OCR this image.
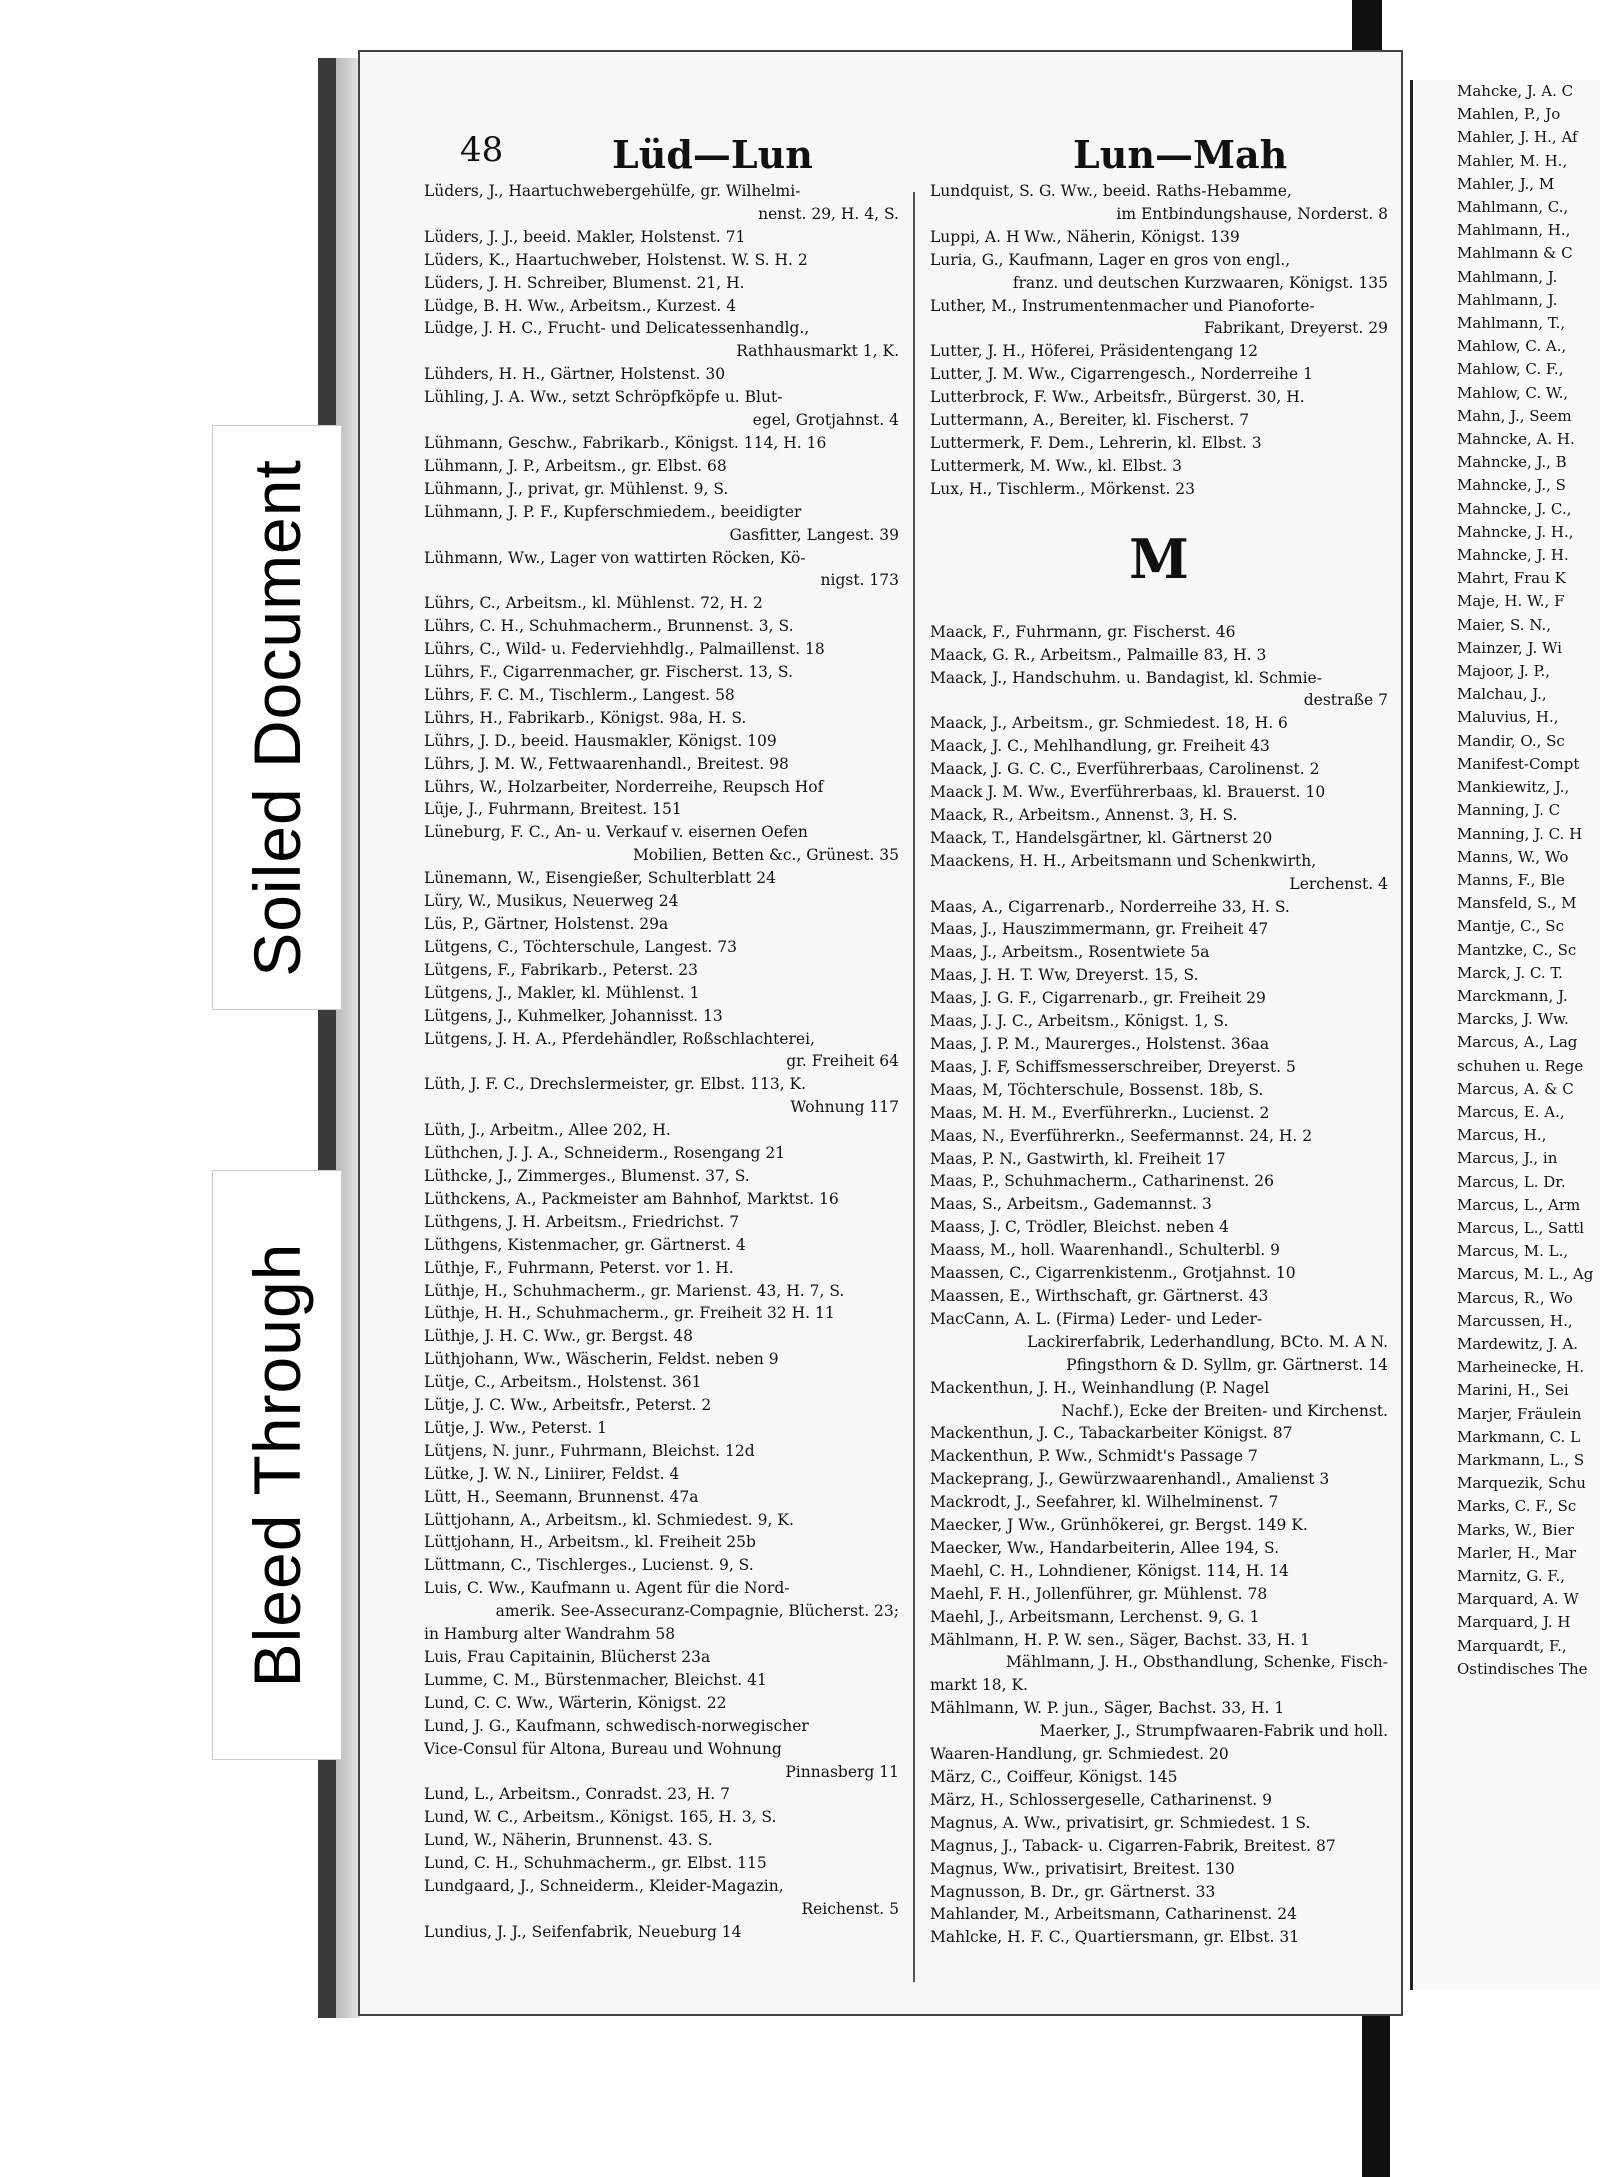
Soiled Document
Bleed Through
48	Lüd—Lun	Lun—Mah
Lüders, J., Haartuchwebergehülfe, gr. Wilhelmi-
nenst. 29, H. 4, S.
Lüders, J. J., beeid. Makler, Holstenst. 71
Lüders, K., Haartuchweber, Holstenst. W. S. H. 2
Lüders, J. H. Schreiber, Blumenst. 21, H.
Lüdge, B. H. Ww., Arbeitsm., Kurzest. 4
Lüdge, J. H. C., Frucht- und Delicatessenhandlg.,
Rathhausmarkt 1, K.
Lühders, H. H., Gärtner, Holstenst. 30
Lühling, J. A. Ww., setzt Schröpfköpfe u. Blut-
egel, Grotjahnst. 4
Lühmann, Geschw., Fabrikarb., Königst. 114, H. 16
Lühmann, J. P., Arbeitsm., gr. Elbst. 68
Lühmann, J., privat, gr. Mühlenst. 9, S.
Lühmann, J. P. F., Kupferschmiedem., beeidigter
Gasfitter, Langest. 39
Lühmann, Ww., Lager von wattirten Röcken, Kö-
nigst. 173
Lührs, C., Arbeitsm., kl. Mühlenst. 72, H. 2
Lührs, C. H., Schuhmacherm., Brunnenst. 3, S.
Lührs, C., Wild- u. Federviehhdlg., Palmaillenst. 18
Lührs, F., Cigarrenmacher, gr. Fischerst. 13, S.
Lührs, F. C. M., Tischlerm., Langest. 58
Lührs, H., Fabrikarb., Königst. 98a, H. S.
Lührs, J. D., beeid. Hausmakler, Königst. 109
Lührs, J. M. W., Fettwaarenhandl., Breitest. 98
Lührs, W., Holzarbeiter, Norderreihe, Reupsch Hof
Lüje, J., Fuhrmann, Breitest. 151
Lüneburg, F. C., An- u. Verkauf v. eisernen Oefen
Mobilien, Betten &c., Grünest. 35
Lünemann, W., Eisengießer, Schulterblatt 24
Lüry, W., Musikus, Neuerweg 24
Lüs, P., Gärtner, Holstenst. 29a
Lütgens, C., Töchterschule, Langest. 73
Lütgens, F., Fabrikarb., Peterst. 23
Lütgens, J., Makler, kl. Mühlenst. 1
Lütgens, J., Kuhmelker, Johannisst. 13
Lütgens, J. H. A., Pferdehändler, Roßschlachterei,
gr. Freiheit 64
Lüth, J. F. C., Drechslermeister, gr. Elbst. 113, K.
Wohnung 117
Lüth, J., Arbeitm., Allee 202, H.
Lüthchen, J. J. A., Schneiderm., Rosengang 21
Lüthcke, J., Zimmerges., Blumenst. 37, S.
Lüthckens, A., Packmeister am Bahnhof, Marktst. 16
Lüthgens, J. H. Arbeitsm., Friedrichst. 7
Lüthgens, Kistenmacher, gr. Gärtnerst. 4
Lüthje, F., Fuhrmann, Peterst. vor 1. H.
Lüthje, H., Schuhmacherm., gr. Marienst. 43, H. 7, S.
Lüthje, H. H., Schuhmacherm., gr. Freiheit 32 H. 11
Lüthje, J. H. C. Ww., gr. Bergst. 48
Lüthjohann, Ww., Wäscherin, Feldst. neben 9
Lütje, C., Arbeitsm., Holstenst. 361
Lütje, J. C. Ww., Arbeitsfr., Peterst. 2
Lütje, J. Ww., Peterst. 1
Lütjens, N. junr., Fuhrmann, Bleichst. 12d
Lütke, J. W. N., Liniirer, Feldst. 4
Lütt, H., Seemann, Brunnenst. 47a
Lüttjohann, A., Arbeitsm., kl. Schmiedest. 9, K.
Lüttjohann, H., Arbeitsm., kl. Freiheit 25b
Lüttmann, C., Tischlerges., Lucienst. 9, S.
Luis, C. Ww., Kaufmann u. Agent für die Nord-
amerik. See-Assecuranz-Compagnie, Blücherst. 23;
in Hamburg alter Wandrahm 58
Luis, Frau Capitainin, Blücherst 23a
Lumme, C. M., Bürstenmacher, Bleichst. 41
Lund, C. C. Ww., Wärterin, Königst. 22
Lund, J. G., Kaufmann, schwedisch-norwegischer
Vice-Consul für Altona, Bureau und Wohnung
Pinnasberg 11
Lund, L., Arbeitsm., Conradst. 23, H. 7
Lund, W. C., Arbeitsm., Königst. 165, H. 3, S.
Lund, W., Näherin, Brunnenst. 43. S.
Lund, C. H., Schuhmacherm., gr. Elbst. 115
Lundgaard, J., Schneiderm., Kleider-Magazin,
Reichenst. 5
Lundius, J. J., Seifenfabrik, Neueburg 14
Lundquist, S. G. Ww., beeid. Raths-Hebamme,
im Entbindungshause, Norderst. 8
Luppi, A. H Ww., Näherin, Königst. 139
Luria, G., Kaufmann, Lager en gros von engl.,
franz. und deutschen Kurzwaaren, Königst. 135
Luther, M., Instrumentenmacher und Pianoforte-
Fabrikant, Dreyerst. 29
Lutter, J. H., Höferei, Präsidentengang 12
Lutter, J. M. Ww., Cigarrengesch., Norderreihe 1
Lutterbrock, F. Ww., Arbeitsfr., Bürgerst. 30, H.
Luttermann, A., Bereiter, kl. Fischerst. 7
Luttermerk, F. Dem., Lehrerin, kl. Elbst. 3
Luttermerk, M. Ww., kl. Elbst. 3
Lux, H., Tischlerm., Mörkenst. 23
M
Maack, F., Fuhrmann, gr. Fischerst. 46
Maack, G. R., Arbeitsm., Palmaille 83, H. 3
Maack, J., Handschuhm. u. Bandagist, kl. Schmie-
destraße 7
Maack, J., Arbeitsm., gr. Schmiedest. 18, H. 6
Maack, J. C., Mehlhandlung, gr. Freiheit 43
Maack, J. G. C. C., Everführerbaas, Carolinenst. 2
Maack J. M. Ww., Everführerbaas, kl. Brauerst. 10
Maack, R., Arbeitsm., Annenst. 3, H. S.
Maack, T., Handelsgärtner, kl. Gärtnerst 20
Maackens, H. H., Arbeitsmann und Schenkwirth,
Lerchenst. 4
Maas, A., Cigarrenarb., Norderreihe 33, H. S.
Maas, J., Hauszimmermann, gr. Freiheit 47
Maas, J., Arbeitsm., Rosentwiete 5a
Maas, J. H. T. Ww, Dreyerst. 15, S.
Maas, J. G. F., Cigarrenarb., gr. Freiheit 29
Maas, J. J. C., Arbeitsm., Königst. 1, S.
Maas, J. P. M., Maurerges., Holstenst. 36aa
Maas, J. F, Schiffsmesserschreiber, Dreyerst. 5
Maas, M, Töchterschule, Bossenst. 18b, S.
Maas, M. H. M., Everführerkn., Lucienst. 2
Maas, N., Everführerkn., Seefermannst. 24, H. 2
Maas, P. N., Gastwirth, kl. Freiheit 17
Maas, P., Schuhmacherm., Catharinenst. 26
Maas, S., Arbeitsm., Gademannst. 3
Maass, J. C, Trödler, Bleichst. neben 4
Maass, M., holl. Waarenhandl., Schulterbl. 9
Maassen, C., Cigarrenkistenm., Grotjahnst. 10
Maassen, E., Wirthschaft, gr. Gärtnerst. 43
MacCann, A. L. (Firma) Leder- und Leder-
Lackirerfabrik, Lederhandlung, BCto. M. A N.
Pfingsthorn & D. Syllm, gr. Gärtnerst. 14
Mackenthun, J. H., Weinhandlung (P. Nagel
Nachf.), Ecke der Breiten- und Kirchenst.
Mackenthun, J. C., Tabackarbeiter Königst. 87
Mackenthun, P. Ww., Schmidt's Passage 7
Mackeprang, J., Gewürzwaarenhandl., Amalienst 3
Mackrodt, J., Seefahrer, kl. Wilhelminenst. 7
Maecker, J Ww., Grünhökerei, gr. Bergst. 149 K.
Maecker, Ww., Handarbeiterin, Allee 194, S.
Maehl, C. H., Lohndiener, Königst. 114, H. 14
Maehl, F. H., Jollenführer, gr. Mühlenst. 78
Maehl, J., Arbeitsmann, Lerchenst. 9, G. 1
Mählmann, H. P. W. sen., Säger, Bachst. 33, H. 1
Mählmann, J. H., Obsthandlung, Schenke, Fisch-
markt 18, K.
Mählmann, W. P. jun., Säger, Bachst. 33, H. 1
Maerker, J., Strumpfwaaren-Fabrik und holl.
Waaren-Handlung, gr. Schmiedest. 20
März, C., Coiffeur, Königst. 145
März, H., Schlossergeselle, Catharinenst. 9
Magnus, A. Ww., privatisirt, gr. Schmiedest. 1 S.
Magnus, J., Taback- u. Cigarren-Fabrik, Breitest. 87
Magnus, Ww., privatisirt, Breitest. 130
Magnusson, B. Dr., gr. Gärtnerst. 33
Mahlander, M., Arbeitsmann, Catharinenst. 24
Mahlcke, H. F. C., Quartiersmann, gr. Elbst. 31
Mahcke, J. A. C
Mahlen, P., Jo
Mahler, J. H., Af
Mahler, M. H.,
Mahler, J., M
Mahlmann, C.,
Mahlmann, H.,
Mahlmann & C
Mahlmann, J.
Mahlmann, J.
Mahlmann, T.,
Mahlow, C. A.,
Mahlow, C. F.,
Mahlow, C. W.,
Mahn, J., Seem
Mahncke, A. H.
Mahncke, J., B
Mahncke, J., S
Mahncke, J. C.,
Mahncke, J. H.,
Mahncke, J. H.
Mahrt, Frau K
Maje, H. W., F
Maier, S. N.,
Mainzer, J. Wi
Majoor, J. P.,
Malchau, J.,
Maluvius, H.,
Mandir, O., Sc
Manifest-Compt
Mankiewitz, J.,
Manning, J. C
Manning, J. C. H
Manns, W., Wo
Manns, F., Ble
Mansfeld, S., M
Mantje, C., Sc
Mantzke, C., Sc
Marck, J. C. T.
Marckmann, J.
Marcks, J. Ww.
Marcus, A., Lag
schuhen u. Rege
Marcus, A. & C
Marcus, E. A.,
Marcus, H.,
Marcus, J., in
Marcus, L. Dr.
Marcus, L., Arm
Marcus, L., Sattl
Marcus, M. L.,
Marcus, M. L., Ag
Marcus, R., Wo
Marcussen, H.,
Mardewitz, J. A.
Marheinecke, H.
Marini, H., Sei
Marjer, Fräulein
Markmann, C. L
Markmann, L., S
Marquezik, Schu
Marks, C. F., Sc
Marks, W., Bier
Marler, H., Mar
Marnitz, G. F.,
Marquard, A. W
Marquard, J. H
Marquardt, F.,
Ostindisches The
